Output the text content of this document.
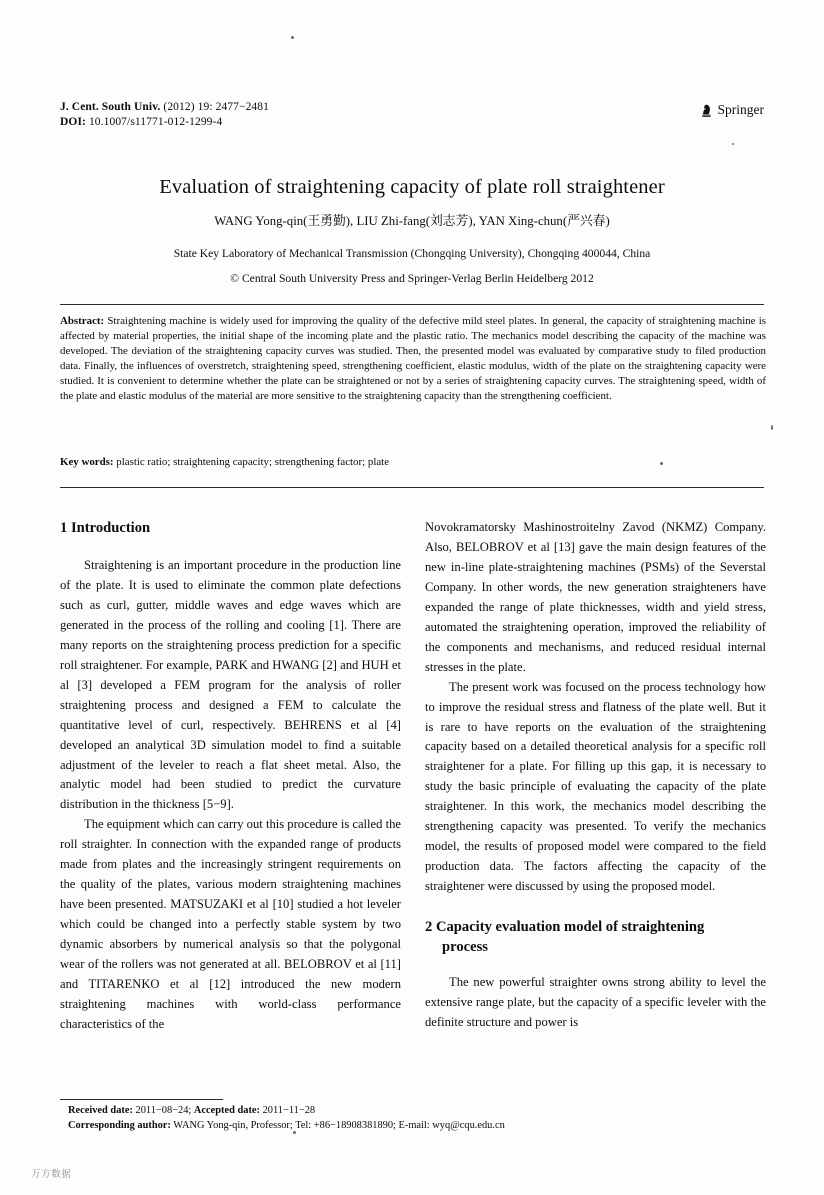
J. Cent. South Univ. (2012) 19: 2477−2481
DOI: 10.1007/s11771-012-1299-4
Springer
Evaluation of straightening capacity of plate roll straightener
WANG Yong-qin(王勇勤), LIU Zhi-fang(刘志芳), YAN Xing-chun(严兴春)
State Key Laboratory of Mechanical Transmission (Chongqing University), Chongqing 400044, China
© Central South University Press and Springer-Verlag Berlin Heidelberg 2012
Abstract: Straightening machine is widely used for improving the quality of the defective mild steel plates. In general, the capacity of straightening machine is affected by material properties, the initial shape of the incoming plate and the plastic ratio. The mechanics model describing the capacity of the machine was developed. The deviation of the straightening capacity curves was studied. Then, the presented model was evaluated by comparative study to filed production data. Finally, the influences of overstretch, straightening speed, strengthening coefficient, elastic modulus, width of the plate on the straightening capacity were studied. It is convenient to determine whether the plate can be straightened or not by a series of straightening capacity curves. The straightening speed, width of the plate and elastic modulus of the material are more sensitive to the straightening capacity than the strengthening coefficient.
Key words: plastic ratio; straightening capacity; strengthening factor; plate
1 Introduction

Straightening is an important procedure in the production line of the plate. It is used to eliminate the common plate defections such as curl, gutter, middle waves and edge waves which are generated in the process of the rolling and cooling [1]. There are many reports on the straightening process prediction for a specific roll straightener. For example, PARK and HWANG [2] and HUH et al [3] developed a FEM program for the analysis of roller straightening process and designed a FEM to calculate the quantitative level of curl, respectively. BEHRENS et al [4] developed an analytical 3D simulation model to find a suitable adjustment of the leveler to reach a flat sheet metal. Also, the analytic model had been studied to predict the curvature distribution in the thickness [5−9].

The equipment which can carry out this procedure is called the roll straighter. In connection with the expanded range of products made from plates and the increasingly stringent requirements on the quality of the plates, various modern straightening machines have been presented. MATSUZAKI et al [10] studied a hot leveler which could be changed into a perfectly stable system by two dynamic absorbers by numerical analysis so that the polygonal wear of the rollers was not generated at all. BELOBROV et al [11] and TITARENKO et al [12] introduced the new modern straightening machines with world-class performance characteristics of the

Novokramatorsky Mashinostroitelny Zavod (NKMZ) Company. Also, BELOBROV et al [13] gave the main design features of the new in-line plate-straightening machines (PSMs) of the Severstal Company. In other words, the new generation straighteners have expanded the range of plate thicknesses, width and yield stress, automated the straightening operation, improved the reliability of the components and mechanisms, and reduced residual internal stresses in the plate.

The present work was focused on the process technology how to improve the residual stress and flatness of the plate well. But it is rare to have reports on the evaluation of the straightening capacity based on a detailed theoretical analysis for a specific roll straightener for a plate. For filling up this gap, it is necessary to study the basic principle of evaluating the capacity of the plate straightener. In this work, the mechanics model describing the strengthening capacity was presented. To verify the mechanics model, the results of proposed model were compared to the field production data. The factors affecting the capacity of the straightener were discussed by using the proposed model.

2 Capacity evaluation model of straightening
process

The new powerful straighter owns strong ability to level the extensive range plate, but the capacity of a specific leveler with the definite structure and power is

Received date: 2011−08−24; Accepted date: 2011−11−28
Corresponding author: WANG Yong-qin, Professor; Tel: +86−18908381890; E-mail: wyq@cqu.edu.cn
万方数据
